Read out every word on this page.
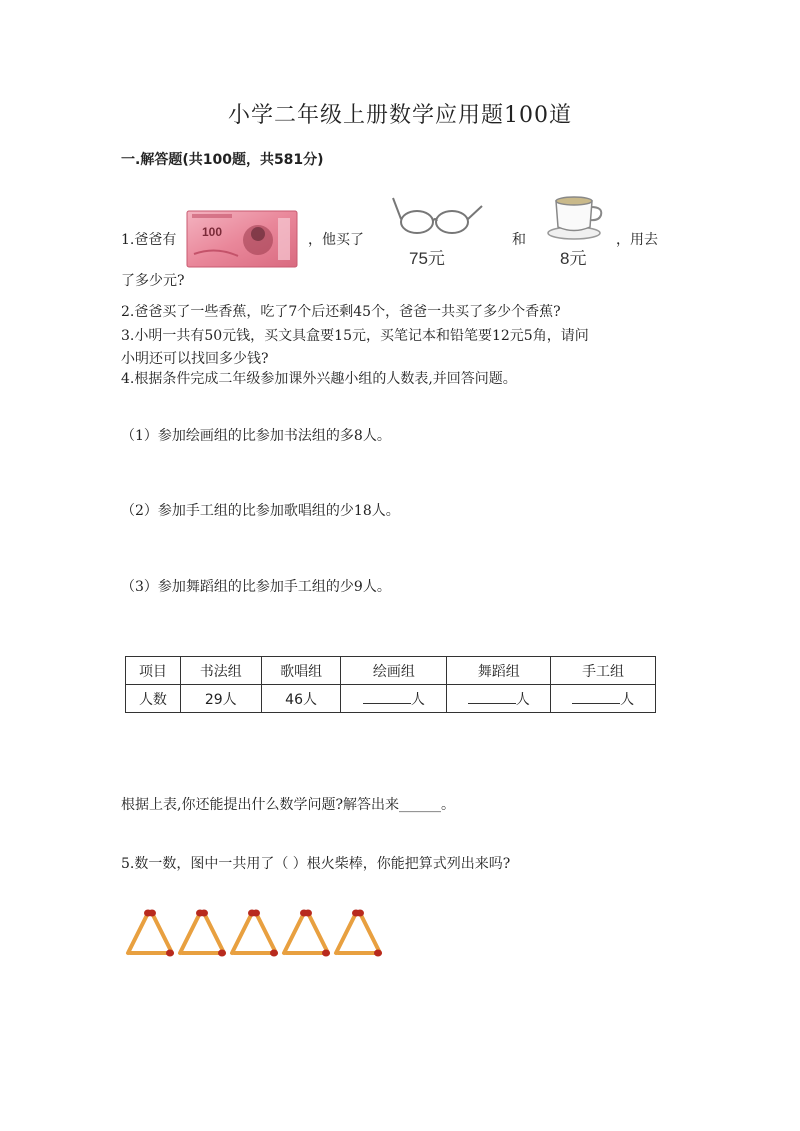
小学二年级上册数学应用题100道
一.解答题(共100题，共581分)
1.爸爸有 100	，他买了
75元
和
8元
，用去
了多少元?
2.爸爸买了一些香蕉，吃了7个后还剩45个，爸爸一共买了多少个香蕉?
3.小明一共有50元钱，买文具盒要15元，买笔记本和铅笔要12元5角，请问
小明还可以找回多少钱?
4.根据条件完成二年级参加课外兴趣小组的人数表,并回答问题。
（1）参加绘画组的比参加书法组的多8人。
（2）参加手工组的比参加歌唱组的少18人。
（3）参加舞蹈组的比参加手工组的少9人。
项目	书法组	歌唱组	绘画组	舞蹈组	手工组
人数	29人	46人	人	人	人
根据上表,你还能提出什么数学问题?解答出来______。
5.数一数，图中一共用了（ ）根火柴棒，你能把算式列出来吗?
